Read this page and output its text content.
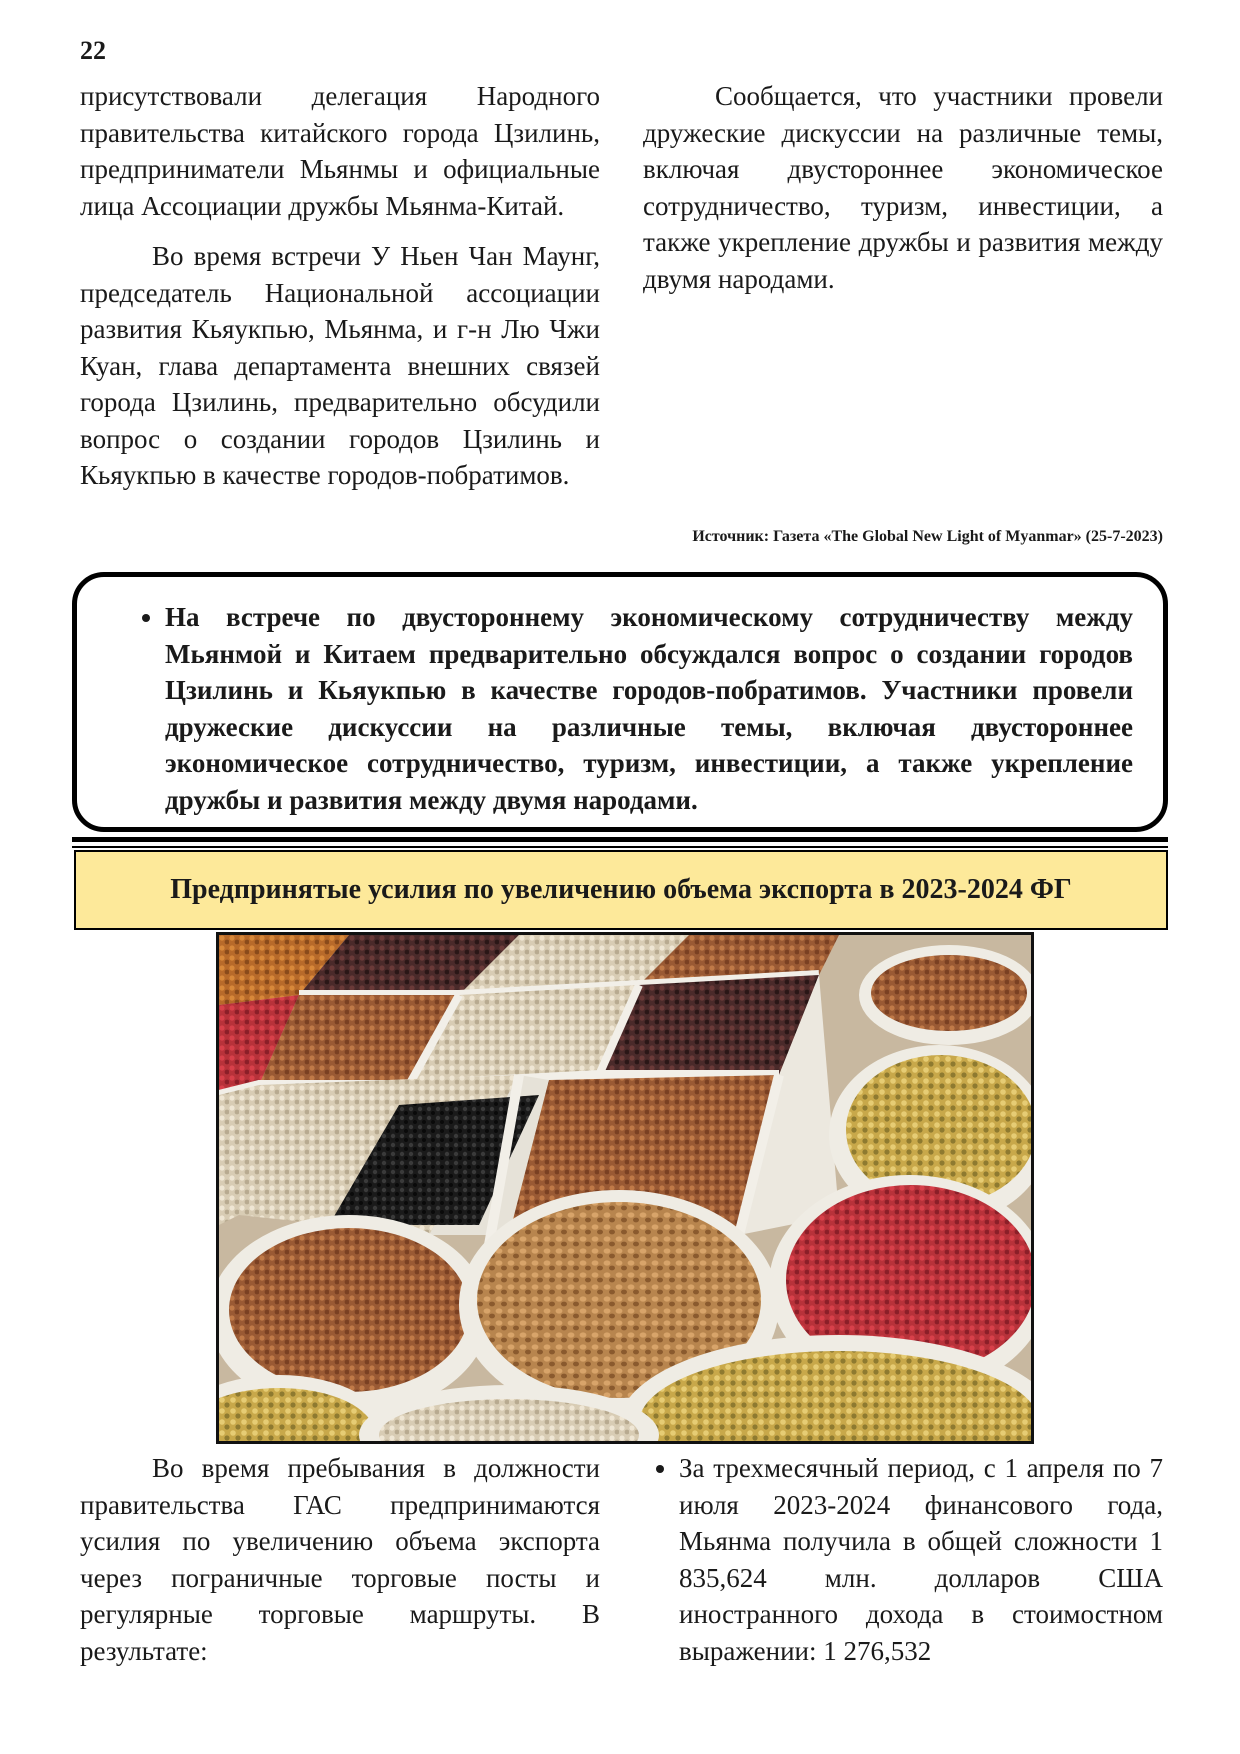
22

присутствовали делегация Народного правительства китайского города Цзилинь, предприниматели Мьянмы и официальные лица Ассоциации дружбы Мьянма-Китай.

Во время встречи У Ньен Чан Маунг, председатель Национальной ассоциации развития Кьяукпью, Мьянма, и г-н Лю Чжи Куан, глава департамента внешних связей города Цзилинь, предварительно обсудили вопрос о создании городов Цзилинь и Кьяукпью в качестве городов-побратимов.

Сообщается, что участники провели дружеские дискуссии на различные темы, включая двустороннее экономическое сотрудничество, туризм, инвестиции, а также укрепление дружбы и развития между двумя народами.

Источник: Газета «The Global New Light of Myanmar» (25-7-2023)
• На встрече по двустороннему экономическому сотрудничеству между Мьянмой и Китаем предварительно обсуждался вопрос о создании городов Цзилинь и Кьяукпью в качестве городов-побратимов. Участники провели дружеские дискуссии на различные темы, включая двустороннее экономическое сотрудничество, туризм, инвестиции, а также укрепление дружбы и развития между двумя народами.
Предпринятые усилия по увеличению объема экспорта в 2023-2024 ФГ

Во время пребывания в должности правительства ГАС предпринимаются усилия по увеличению объема экспорта через пограничные торговые посты и регулярные торговые маршруты. В результате:

• За трехмесячный период, с 1 апреля по 7 июля 2023-2024 финансового года, Мьянма получила в общей сложности 1 835,624 млн. долларов США иностранного дохода в стоимостном выражении: 1 276,532
